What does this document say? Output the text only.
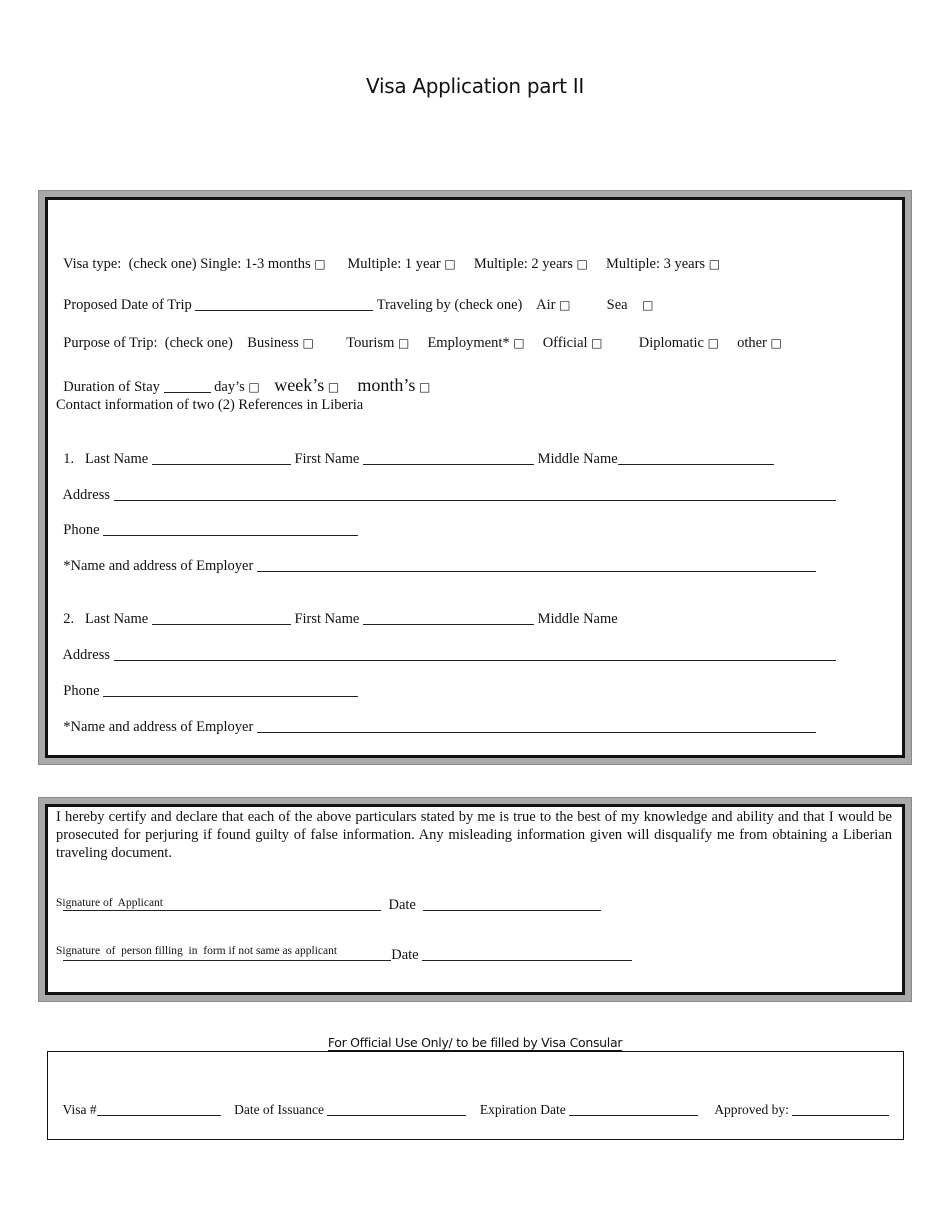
Visa Application part II

Visa type:  (check one) Single: 1-3 months □ Multiple: 1 year □ Multiple: 2 years □ Multiple: 3 years □

Proposed Date of Trip	Traveling by (check one) Air □	Sea □

Purpose of Trip:  (check one) Business □ Tourism □ Employment* □ Official □	Diplomatic □ other □

Duration of Stay	day’s □ week’s □ month’s □

Contact information of two (2) References in Liberia

1. Last Name	First Name	Middle Name

Address

Phone

*Name and address of Employer

2. Last Name	First Name	Middle Name

Address

Phone

*Name and address of Employer

I hereby certify and declare that each of the above particulars stated by me is true to the best of my knowledge and ability and that I would be prosecuted for perjuring if found guilty of false information. Any misleading information given will disqualify me from obtaining a Liberian traveling document.

Date

Signature of  Applicant

Date

Signature  of  person filling  in  form if not same as applicant
For Official Use Only/ to be filled by Visa Consular

Visa #	Date of Issuance	Expiration Date	Approved by:
